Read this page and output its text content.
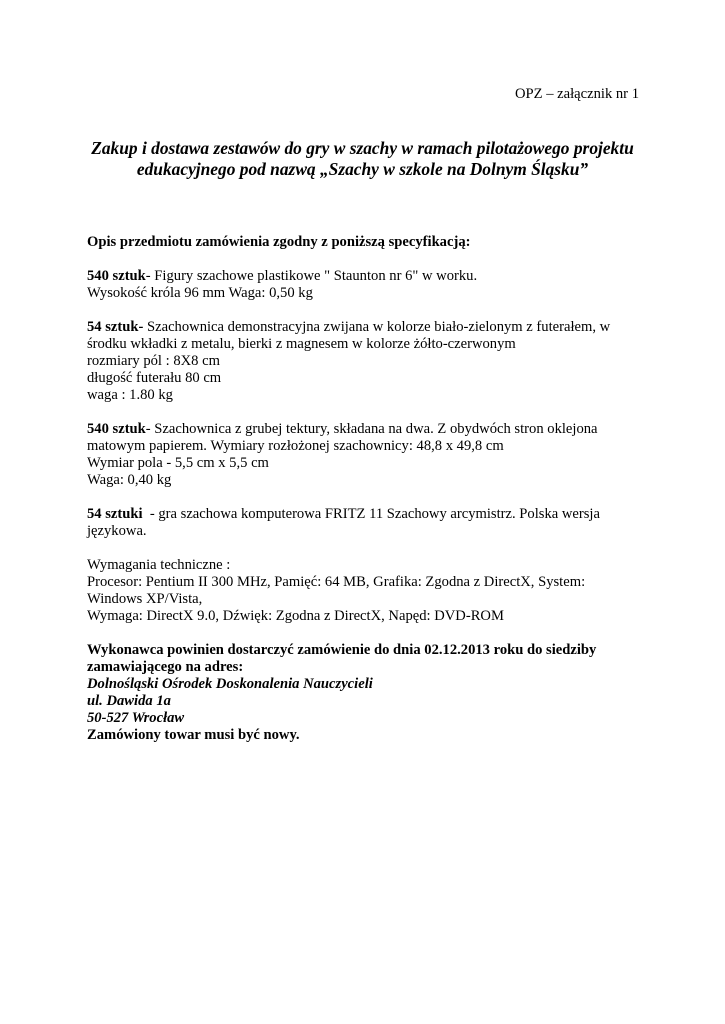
OPZ – załącznik nr 1
Zakup i dostawa zestawów do gry w szachy w ramach pilotażowego projektu
edukacyjnego pod nazwą „Szachy w szkole na Dolnym Śląsku”
Opis przedmiotu zamówienia zgodny z poniższą specyfikacją:
540 sztuk- Figury szachowe plastikowe " Staunton nr 6" w worku.
Wysokość króla 96 mm Waga: 0,50 kg
54 sztuk- Szachownica demonstracyjna zwijana w kolorze biało-zielonym z futerałem, w
środku wkładki z metalu, bierki z magnesem w kolorze żółto-czerwonym
rozmiary pól : 8X8 cm
długość futerału 80 cm
waga : 1.80 kg
540 sztuk- Szachownica z grubej tektury, składana na dwa. Z obydwóch stron oklejona
matowym papierem. Wymiary rozłożonej szachownicy: 48,8 x 49,8 cm
Wymiar pola - 5,5 cm x 5,5 cm
Waga: 0,40 kg
54 sztuki  - gra szachowa komputerowa FRITZ 11 Szachowy arcymistrz. Polska wersja
językowa.
Wymagania techniczne :
Procesor: Pentium II 300 MHz, Pamięć: 64 MB, Grafika: Zgodna z DirectX, System:
Windows XP/Vista,
Wymaga: DirectX 9.0, Dźwięk: Zgodna z DirectX, Napęd: DVD-ROM
Wykonawca powinien dostarczyć zamówienie do dnia 02.12.2013 roku do siedziby
zamawiającego na adres:
Dolnośląski Ośrodek Doskonalenia Nauczycieli
ul. Dawida 1a
50-527 Wrocław
Zamówiony towar musi być nowy.
